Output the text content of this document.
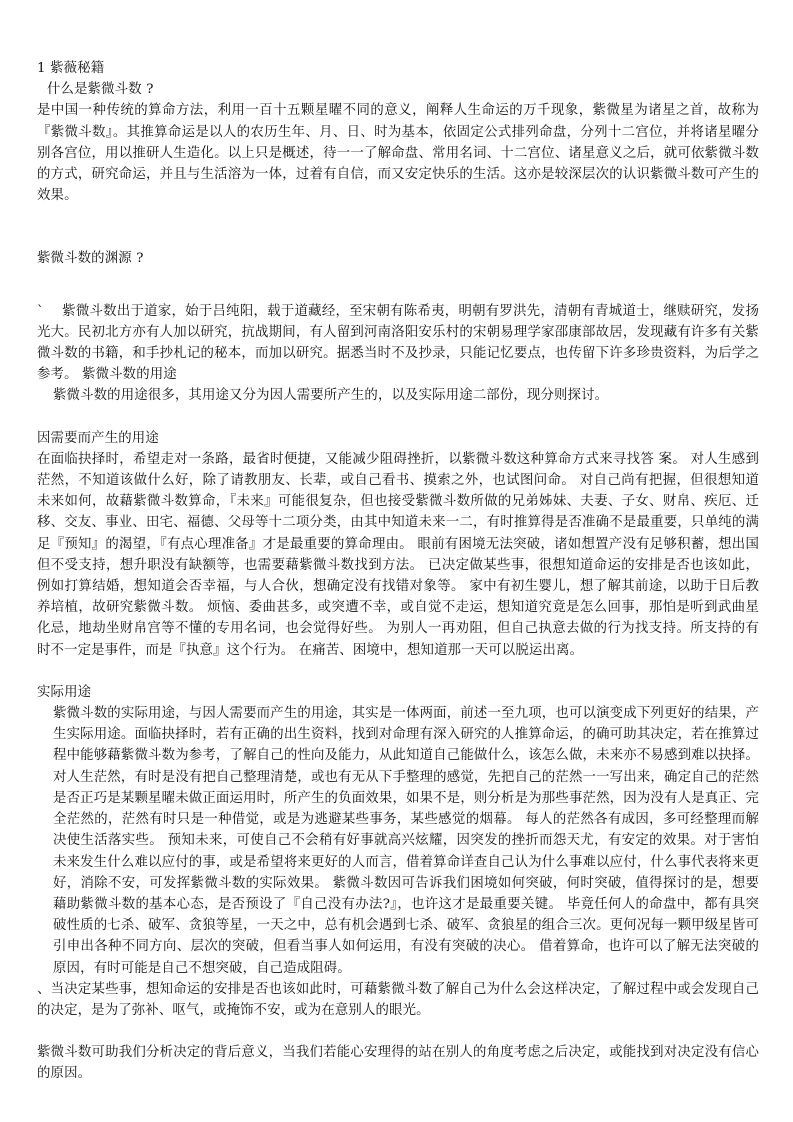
1 紫薇秘籍

什么是紫微斗数 ?

是中国一种传统的算命方法，利用一百十五颗星曜不同的意义，阐释人生命运的万千现象，紫微星为诸星之首，故称为『紫微斗数』。其推算命运是以人的农历生年、月、日、时为基本，依固定公式排列命盘，分列十二宫位，并将诸星曜分别各宫位，用以推研人生造化。以上只是概述，待一一了解命盘、常用名词、十二宫位、诸星意义之后，就可依紫微斗数的方式，研究命运，并且与生活溶为一体，过着有自信，而又安定快乐的生活。这亦是较深层次的认识紫微斗数可产生的效果。

紫微斗数的渊源 ?

`　 紫微斗数出于道家，始于吕纯阳，载于道藏经，至宋朝有陈希夷，明朝有罗洪先，清朝有青城道士，继赎研究，发扬光大。民初北方亦有人加以研究，抗战期间，有人留到河南洛阳安乐村的宋朝易理学家邵康部故居，发现藏有许多有关紫微斗数的书籍，和手抄札记的秘本，而加以研究。据悉当时不及抄录，只能记忆要点，也传留下许多珍贵资料，为后学之参考。 紫微斗数的用途

紫微斗数的用途很多，其用途又分为因人需要所产生的，以及实际用途二部份，现分则探讨。

因需要而产生的用途

在面临抉择时，希望走对一条路，最省时便捷，又能减少阻碍挫折，以紫微斗数这种算命方式来寻找答 案。 对人生感到茫然，不知道该做什么好，除了请教朋友、长辈，或自己看书、摸索之外，也试图问命。 对自己尚有把握，但很想知道未来如何，故藉紫微斗数算命，『未来』可能很复杂，但也接受紫微斗数所做的兄弟姊妹、夫妻、子女、财帛、疾厄、迁移、交友、事业、田宅、福德、父母等十二项分类，由其中知道未来一二，有时推算得是否准确不是最重要，只单纯的满足『预知』的渴望，『有点心理准备』才是最重要的算命理由。 眼前有困境无法突破，诸如想置产没有足够积蓄，想出国但不受支持，想升职没有缺额等，也需要藉紫微斗数找到方法。 已决定做某些事，很想知道命运的安排是否也该如此，例如打算结婚，想知道会否幸福，与人合伙，想确定没有找错对象等。 家中有初生婴儿，想了解其前途，以助于日后教养培植，故研究紫微斗数。 烦恼、委曲甚多，或突遭不幸，或自觉不走运，想知道究竟是怎么回事，那怕是听到武曲星化忌，地劫坐财帛宫等不懂的专用名词，也会觉得好些。 为别人一再劝阻，但自己执意去做的行为找支持。所支持的有时不一定是事件，而是『执意』这个行为。 在痛苦、困境中，想知道那一天可以脱运出离。

实际用途

紫微斗数的实际用途，与因人需要而产生的用途，其实是一体两面，前述一至九项，也可以演变成下列更好的结果，产生实际用途。面临抉择时，若有正确的出生资料，找到对命理有深入研究的人推算命运，的确可助其决定，若在推算过程中能够藉紫微斗数为参考，了解自己的性向及能力，从此知道自己能做什么，该怎么做，未来亦不易感到难以抉择。 对人生茫然，有时是没有把自己整理清楚，或也有无从下手整理的感觉，先把自己的茫然一一写出来，确定自己的茫然是否正巧是某颗星曜未做正面运用时，所产生的负面效果，如果不是，则分析是为那些事茫然，因为没有人是真正、完全茫然的，茫然有时只是一种借觉，或是为逃避某些事务，某些感觉的烟幕。 每人的茫然各有成因，多可经整理而解决使生活落实些。 预知未来，可使自己不会稍有好事就高兴炫耀，因突发的挫折而怨天尤，有安定的效果。对于害怕未来发生什么难以应付的事，或是希望将来更好的人而言，借着算命详查自己认为什么事难以应付，什么事代表将来更好，消除不安，可发挥紫微斗数的实际效果。 紫微斗数因可告诉我们困境如何突破，何时突破，值得探讨的是，想要藉助紫微斗数的基本心态，是否预设了『自己没有办法?』，也许这才是最重要关键。 毕竟任何人的命盘中，都有具突破性质的七杀、破军、贪狼等星，一天之中，总有机会遇到七杀、破军、贪狼星的组合三次。更何况每一颗甲级星皆可引申出各种不同方向、层次的突破，但看当事人如何运用，有没有突破的决心。 借着算命，也许可以了解无法突破的原因，有时可能是自己不想突破，自己造成阻碍。

、当决定某些事，想知命运的安排是否也该如此时，可藉紫微斗数了解自己为什么会这样决定，了解过程中或会发现自己的决定，是为了弥补、呕气，或掩饰不安，或为在意别人的眼光。

紫微斗数可助我们分析决定的背后意义，当我们若能心安理得的站在别人的角度考虑之后决定，或能找到对决定没有信心的原因。
